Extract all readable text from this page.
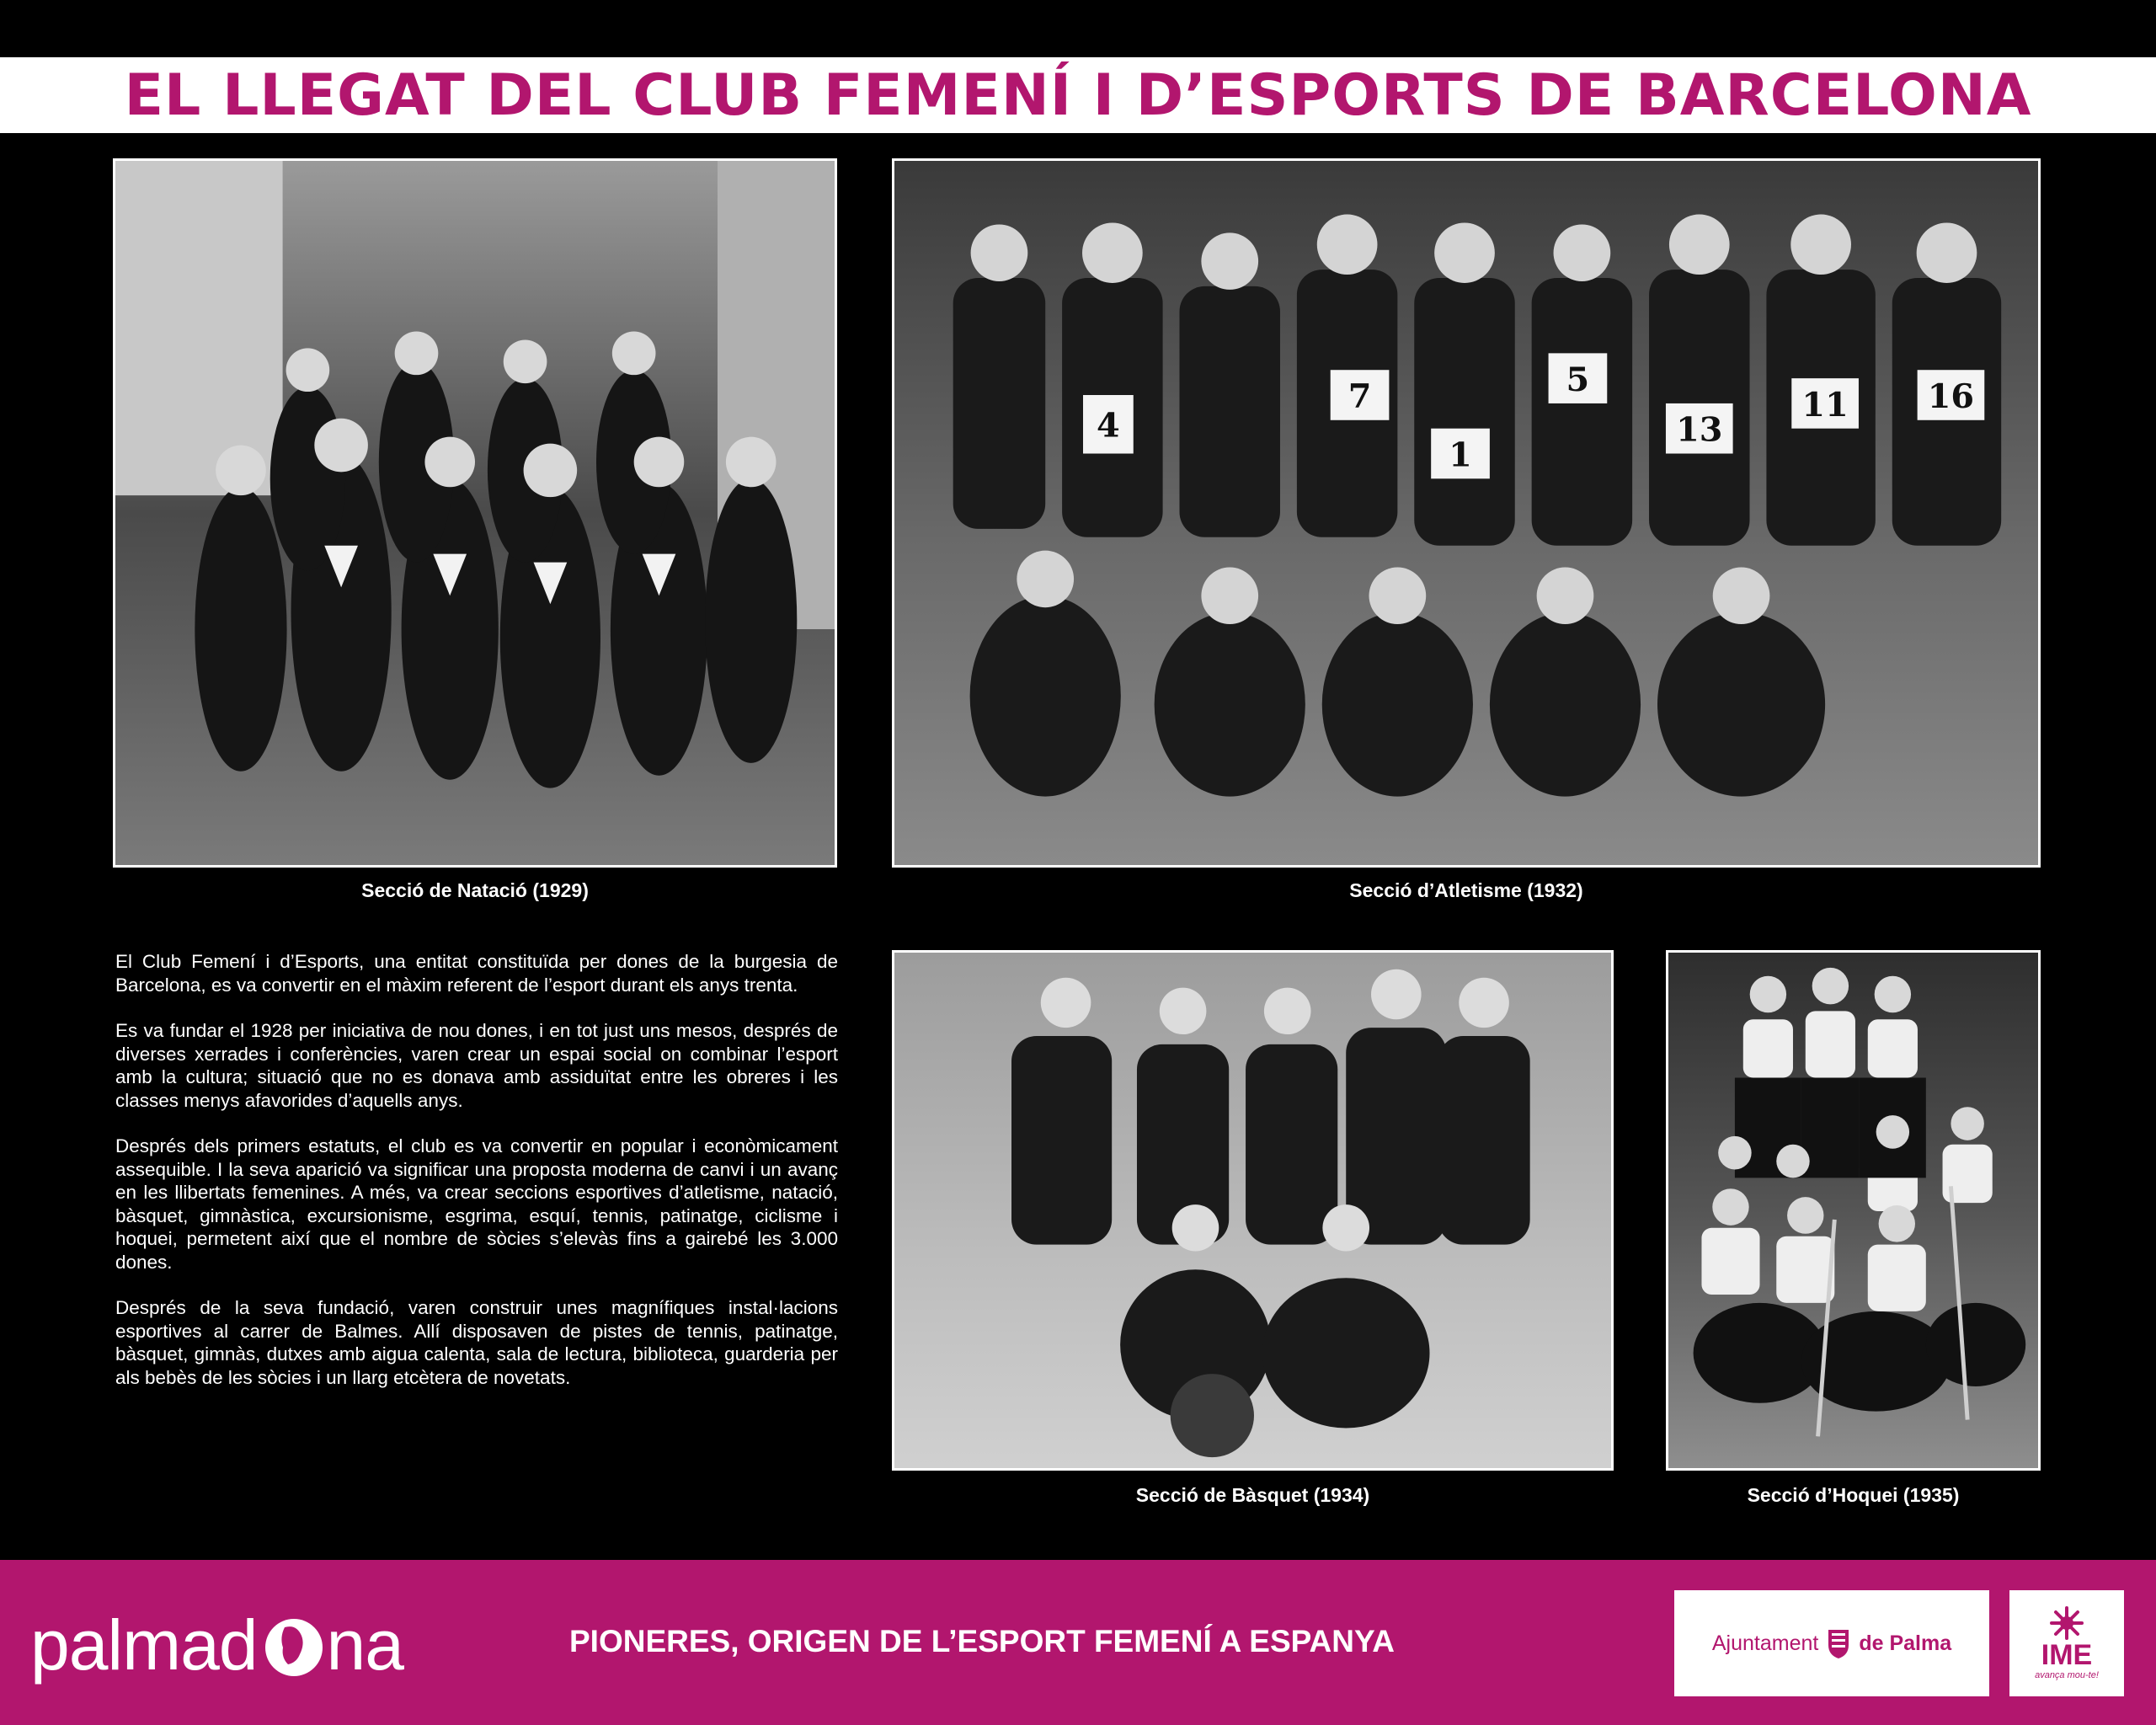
EL LLEGAT DEL CLUB FEMENÍ I D’ESPORTS DE BARCELONA
Secció de Natació (1929)
4
7
1
5
13
11 16
Secció d’Atletisme (1932)

El Club Femení i d’Esports, una entitat constituïda per dones de la burgesia de Barcelona, es va convertir en el màxim referent de l’esport durant els anys trenta.

Es va fundar el 1928 per iniciativa de nou dones, i en tot just uns mesos, després de diverses xerrades i conferències, varen crear un espai social on combinar l’esport amb la cultura; situació que no es donava amb assiduïtat entre les obreres i les classes menys afavorides d’aquells anys.

Després dels primers estatuts, el club es va convertir en popular i econòmicament assequible. I la seva aparició va significar una proposta moderna de canvi i un avanç en les llibertats femenines. A més, va crear seccions esportives d’atletisme, natació, bàsquet, gimnàstica, excursionisme, esgrima, esquí, tennis, patinatge, ciclisme i hoquei, permetent així que el nombre de sòcies s’elevàs fins a gairebé les 3.000 dones.

Després de la seva fundació, varen construir unes magnífiques instal·lacions esportives al carrer de Balmes. Allí disposaven de pistes de tennis, patinatge, bàsquet, gimnàs, dutxes amb aigua calenta, sala de lectura, biblioteca, guarderia per als bebès de les sòcies i un llarg etcètera de novetats.

Secció de Bàsquet (1934)	Secció d’Hoquei (1935)
palmad na	PIONERES, ORIGEN DE L’ESPORT FEMENÍ A ESPANYA	Ajuntament de Palma	IME
avança mou-te!
